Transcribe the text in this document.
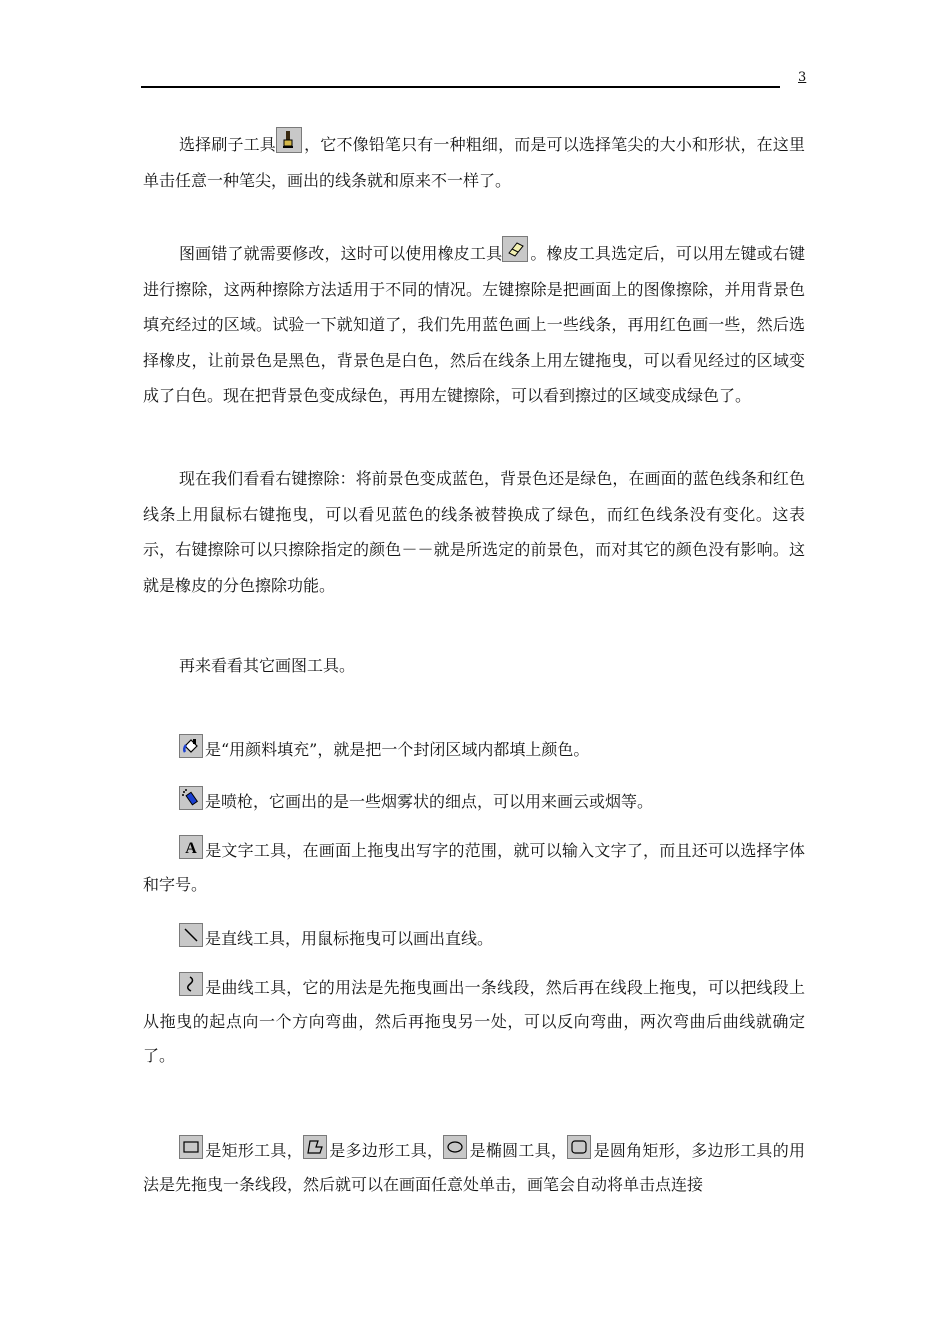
3

选择刷子工具 ，它不像铅笔只有一种粗细，而是可以选择笔尖的大小和形状，在这里单击任意一种笔尖，画出的线条就和原来不一样了。

图画错了就需要修改，这时可以使用橡皮工具 。橡皮工具选定后，可以用左键或右键进行擦除，这两种擦除方法适用于不同的情况。左键擦除是把画面上的图像擦除，并用背景色填充经过的区域。试验一下就知道了，我们先用蓝色画上一些线条，再用红色画一些，然后选择橡皮，让前景色是黑色，背景色是白色，然后在线条上用左键拖曳，可以看见经过的区域变成了白色。现在把背景色变成绿色，再用左键擦除，可以看到擦过的区域变成绿色了。

现在我们看看右键擦除：将前景色变成蓝色，背景色还是绿色，在画面的蓝色线条和红色线条上用鼠标右键拖曳，可以看见蓝色的线条被替换成了绿色，而红色线条没有变化。这表示，右键擦除可以只擦除指定的颜色－－就是所选定的前景色，而对其它的颜色没有影响。这就是橡皮的分色擦除功能。

再来看看其它画图工具。

是“用颜料填充”，就是把一个封闭区域内都填上颜色。

是喷枪，它画出的是一些烟雾状的细点，可以用来画云或烟等。

A 是文字工具，在画面上拖曳出写字的范围，就可以输入文字了，而且还可以选择字体和字号。

是直线工具，用鼠标拖曳可以画出直线。

是曲线工具，它的用法是先拖曳画出一条线段，然后再在线段上拖曳，可以把线段上从拖曳的起点向一个方向弯曲，然后再拖曳另一处，可以反向弯曲，两次弯曲后曲线就确定了。

是矩形工具， 是多边形工具， 是椭圆工具， 是圆角矩形，多边形工具的用法是先拖曳一条线段，然后就可以在画面任意处单击，画笔会自动将单击点连接
